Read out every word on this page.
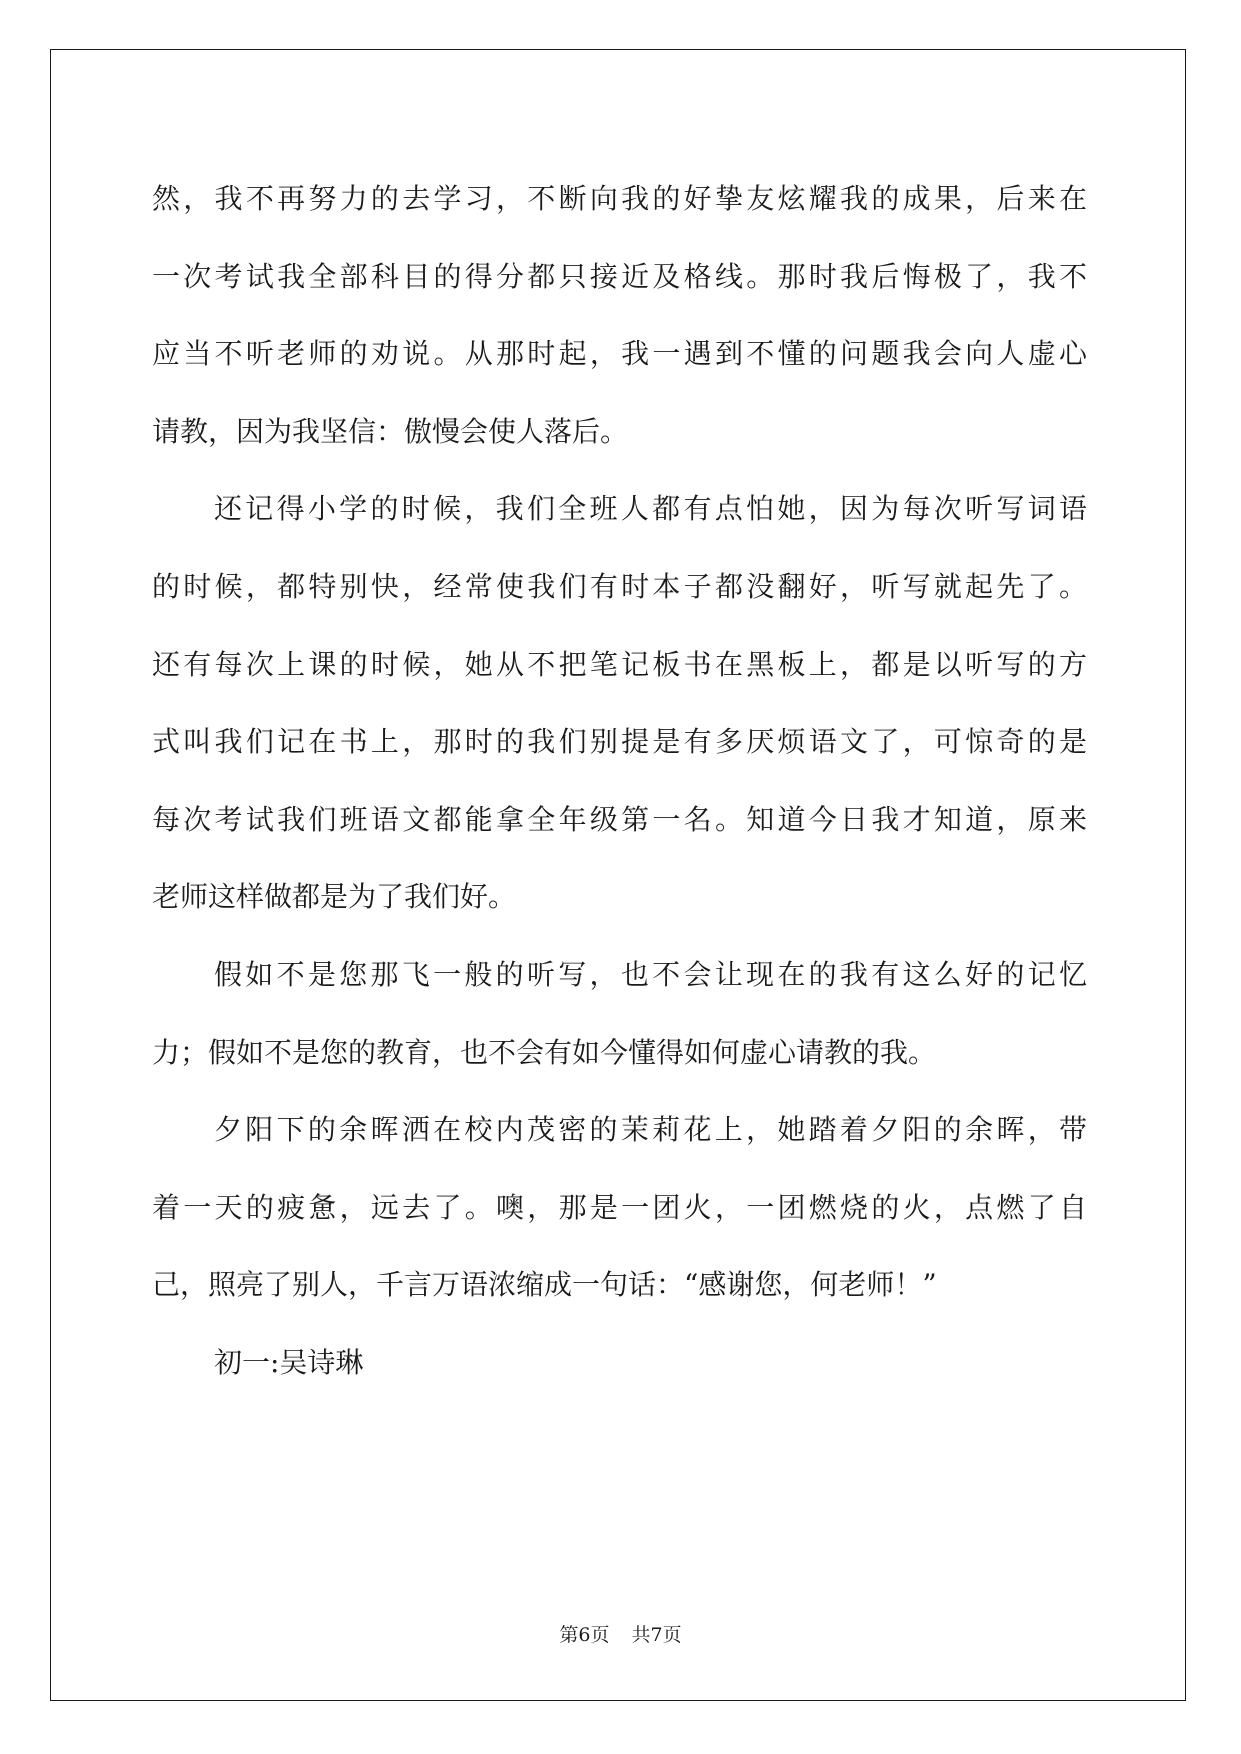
然，我不再努力的去学习，不断向我的好挚友炫耀我的成果，后来在
一次考试我全部科目的得分都只接近及格线。那时我后悔极了，我不
应当不听老师的劝说。从那时起，我一遇到不懂的问题我会向人虚心
请教，因为我坚信：傲慢会使人落后。
还记得小学的时候，我们全班人都有点怕她，因为每次听写词语
的时候，都特别快，经常使我们有时本子都没翻好，听写就起先了。
还有每次上课的时候，她从不把笔记板书在黑板上，都是以听写的方
式叫我们记在书上，那时的我们别提是有多厌烦语文了，可惊奇的是
每次考试我们班语文都能拿全年级第一名。知道今日我才知道，原来
老师这样做都是为了我们好。
假如不是您那飞一般的听写，也不会让现在的我有这么好的记忆
力；假如不是您的教育，也不会有如今懂得如何虚心请教的我。
夕阳下的余晖洒在校内茂密的茉莉花上，她踏着夕阳的余晖，带
着一天的疲惫，远去了。噢，那是一团火，一团燃烧的火，点燃了自
己，照亮了别人，千言万语浓缩成一句话：“感谢您，何老师！”
初一:吴诗琳
第6页 共7页
